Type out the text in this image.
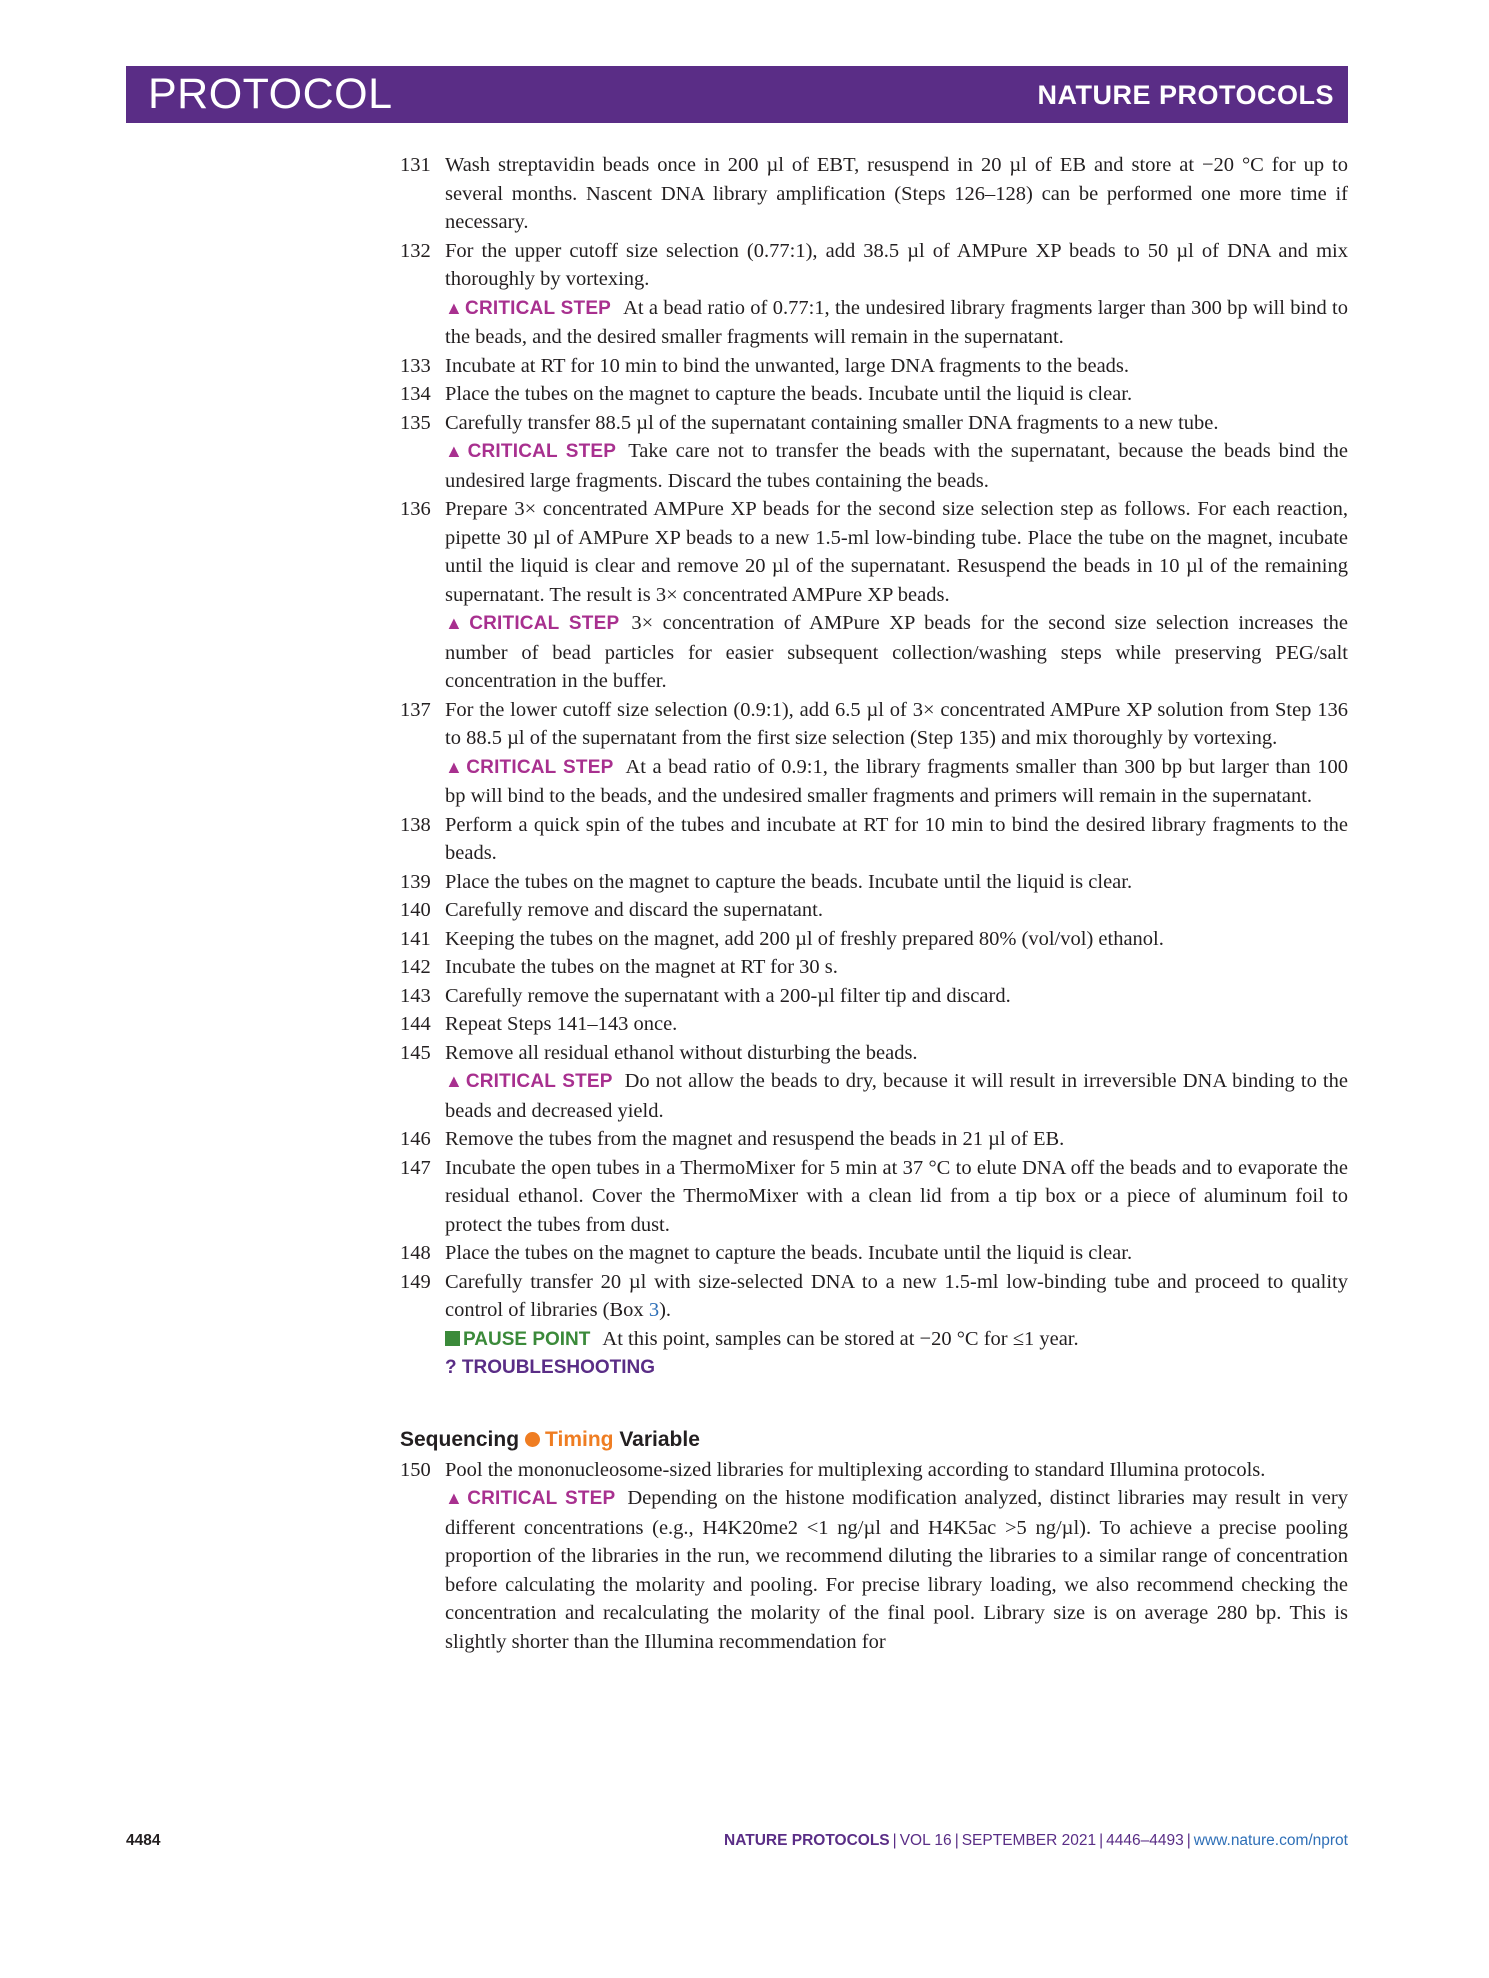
PROTOCOL	NATURE PROTOCOLS
131 Wash streptavidin beads once in 200 µl of EBT, resuspend in 20 µl of EB and store at −20 °C for up to several months. Nascent DNA library amplification (Steps 126–128) can be performed one more time if necessary.
132 For the upper cutoff size selection (0.77:1), add 38.5 µl of AMPure XP beads to 50 µl of DNA and mix thoroughly by vortexing.
▲ CRITICAL STEP At a bead ratio of 0.77:1, the undesired library fragments larger than 300 bp will bind to the beads, and the desired smaller fragments will remain in the supernatant.
133 Incubate at RT for 10 min to bind the unwanted, large DNA fragments to the beads.
134 Place the tubes on the magnet to capture the beads. Incubate until the liquid is clear.
135 Carefully transfer 88.5 µl of the supernatant containing smaller DNA fragments to a new tube.
▲ CRITICAL STEP Take care not to transfer the beads with the supernatant, because the beads bind the undesired large fragments. Discard the tubes containing the beads.
136 Prepare 3× concentrated AMPure XP beads for the second size selection step as follows. For each reaction, pipette 30 µl of AMPure XP beads to a new 1.5-ml low-binding tube. Place the tube on the magnet, incubate until the liquid is clear and remove 20 µl of the supernatant. Resuspend the beads in 10 µl of the remaining supernatant. The result is 3× concentrated AMPure XP beads.
▲ CRITICAL STEP 3× concentration of AMPure XP beads for the second size selection increases the number of bead particles for easier subsequent collection/washing steps while preserving PEG/salt concentration in the buffer.
137 For the lower cutoff size selection (0.9:1), add 6.5 µl of 3× concentrated AMPure XP solution from Step 136 to 88.5 µl of the supernatant from the first size selection (Step 135) and mix thoroughly by vortexing.
▲ CRITICAL STEP At a bead ratio of 0.9:1, the library fragments smaller than 300 bp but larger than 100 bp will bind to the beads, and the undesired smaller fragments and primers will remain in the supernatant.
138 Perform a quick spin of the tubes and incubate at RT for 10 min to bind the desired library fragments to the beads.
139 Place the tubes on the magnet to capture the beads. Incubate until the liquid is clear.
140 Carefully remove and discard the supernatant.
141 Keeping the tubes on the magnet, add 200 µl of freshly prepared 80% (vol/vol) ethanol.
142 Incubate the tubes on the magnet at RT for 30 s.
143 Carefully remove the supernatant with a 200-µl filter tip and discard.
144 Repeat Steps 141–143 once.
145 Remove all residual ethanol without disturbing the beads.
▲ CRITICAL STEP Do not allow the beads to dry, because it will result in irreversible DNA binding to the beads and decreased yield.
146 Remove the tubes from the magnet and resuspend the beads in 21 µl of EB.
147 Incubate the open tubes in a ThermoMixer for 5 min at 37 °C to elute DNA off the beads and to evaporate the residual ethanol. Cover the ThermoMixer with a clean lid from a tip box or a piece of aluminum foil to protect the tubes from dust.
148 Place the tubes on the magnet to capture the beads. Incubate until the liquid is clear.
149 Carefully transfer 20 µl with size-selected DNA to a new 1.5-ml low-binding tube and proceed to quality control of libraries (Box 3).
PAUSE POINT At this point, samples can be stored at −20 °C for ≤1 year.
? TROUBLESHOOTING
Sequencing Timing Variable
150 Pool the mononucleosome-sized libraries for multiplexing according to standard Illumina protocols.
▲ CRITICAL STEP Depending on the histone modification analyzed, distinct libraries may result in very different concentrations (e.g., H4K20me2 <1 ng/µl and H4K5ac >5 ng/µl). To achieve a precise pooling proportion of the libraries in the run, we recommend diluting the libraries to a similar range of concentration before calculating the molarity and pooling. For precise library loading, we also recommend checking the concentration and recalculating the molarity of the final pool. Library size is on average 280 bp. This is slightly shorter than the Illumina recommendation for
4484	NATURE PROTOCOLS | VOL 16 | SEPTEMBER 2021 | 4446–4493 | www.nature.com/nprot
